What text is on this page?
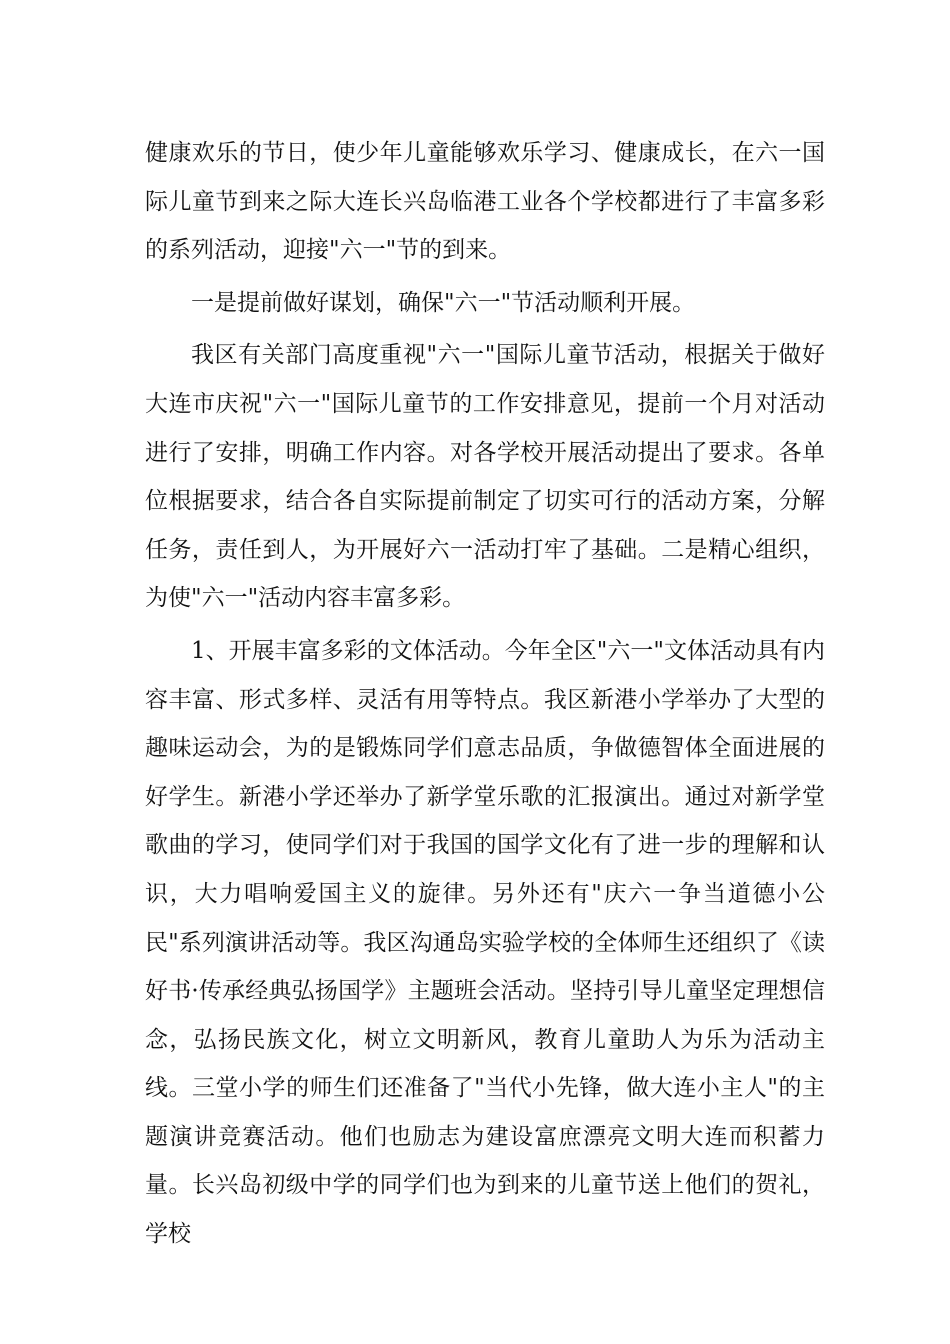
健康欢乐的节日，使少年儿童能够欢乐学习、健康成长，在六一国际儿童节到来之际大连长兴岛临港工业各个学校都进行了丰富多彩的系列活动，迎接"六一"节的到来。

一是提前做好谋划，确保"六一"节活动顺利开展。

我区有关部门高度重视"六一"国际儿童节活动，根据关于做好大连市庆祝"六一"国际儿童节的工作安排意见，提前一个月对活动进行了安排，明确工作内容。对各学校开展活动提出了要求。各单位根据要求，结合各自实际提前制定了切实可行的活动方案，分解任务，责任到人，为开展好六一活动打牢了基础。二是精心组织，为使"六一"活动内容丰富多彩。

1、开展丰富多彩的文体活动。今年全区"六一"文体活动具有内容丰富、形式多样、灵活有用等特点。我区新港小学举办了大型的趣味运动会，为的是锻炼同学们意志品质，争做德智体全面进展的好学生。新港小学还举办了新学堂乐歌的汇报演出。通过对新学堂歌曲的学习，使同学们对于我国的国学文化有了进一步的理解和认识，大力唱响爱国主义的旋律。另外还有"庆六一争当道德小公民"系列演讲活动等。我区沟通岛实验学校的全体师生还组织了《读好书·传承经典弘扬国学》主题班会活动。坚持引导儿童坚定理想信念，弘扬民族文化，树立文明新风，教育儿童助人为乐为活动主线。三堂小学的师生们还准备了"当代小先锋，做大连小主人"的主题演讲竞赛活动。他们也励志为建设富庶漂亮文明大连而积蓄力量。长兴岛初级中学的同学们也为到来的儿童节送上他们的贺礼，学校
